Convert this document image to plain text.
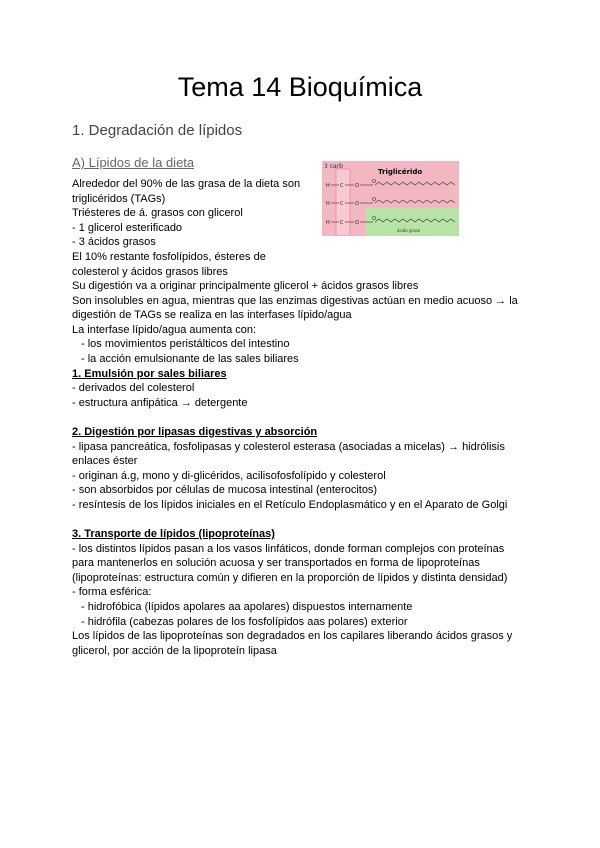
Tema 14 Bioquímica
1. Degradación de lípidos
A) Lípidos de la dieta	3 carb
Triglicérido
H
H
H
C
C
C
O
O
O
O
O
O
ácido graso
Alrededor del 90% de las grasa de la dieta son
triglicéridos (TAGs)
Triésteres de á. grasos con glicerol
- 1 glicerol esterificado
- 3 ácidos grasos
El 10% restante fosfolípidos, ésteres de
colesterol y ácidos grasos libres
Su digestión va a originar principalmente glicerol + ácidos grasos libres
Son insolubles en agua, mientras que las enzimas digestivas actúan en medio acuoso → la
digestión de TAGs se realiza en las interfases lípido/agua
La interfase lípido/agua aumenta con:
- los movimientos peristálticos del intestino
- la acción emulsionante de las sales biliares
1. Emulsión por sales biliares
- derivados del colesterol
- estructura anfipática → detergente
2. Digestión por lipasas digestivas y absorción
- lipasa pancreática, fosfolipasas y colesterol esterasa (asociadas a micelas) → hidrólisis
enlaces éster
- originan á.g, mono y di-glicéridos, acilisofosfolípido y colesterol
- son absorbidos por células de mucosa intestinal (enterocitos)
- resíntesis de los lípidos iniciales en el Retículo Endoplasmático y en el Aparato de Golgi
3. Transporte de lípidos (lipoproteínas)
- los distintos lípidos pasan a los vasos linfáticos, donde forman complejos con proteínas
para mantenerlos en solución acuosa y ser transportados en forma de lipoproteínas
(lipoproteínas: estructura común y difieren en la proporción de lípidos y distinta densidad)
- forma esférica:
- hidrofóbica (lípidos apolares aa apolares) dispuestos internamente
- hidrófila (cabezas polares de los fosfolípidos aas polares) exterior
Los lípidos de las lipoproteínas son degradados en los capilares liberando ácidos grasos y
glicerol, por acción de la lipoproteín lipasa
